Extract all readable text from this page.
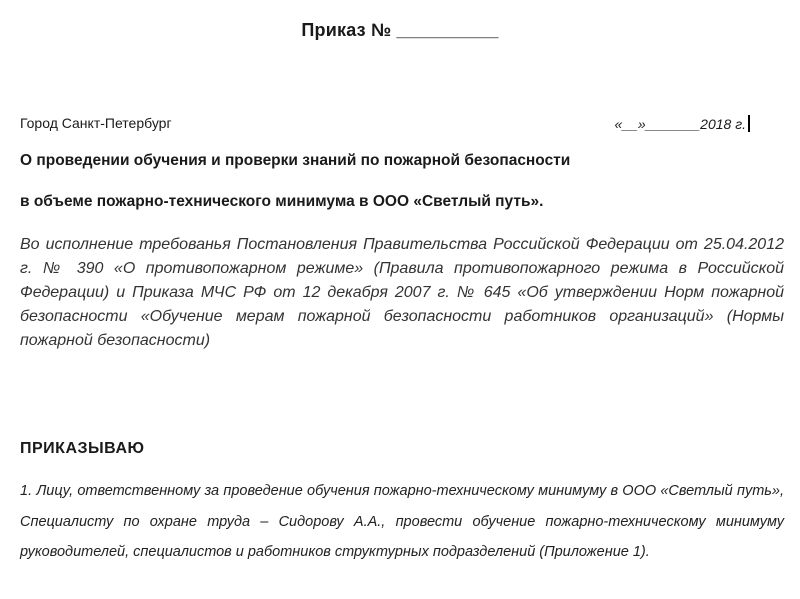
Приказ № __________
Город Санкт-Петербург	«__»_______2018 г.
О проведении обучения и проверки знаний по пожарной безопасности
в объеме пожарно-технического минимума в ООО «Светлый путь».
Во исполнение требованья Постановления Правительства Российской Федерации от 25.04.2012 г. № 390 «О противопожарном режиме» (Правила противопожарного режима в Российской Федерации) и Приказа МЧС РФ от 12 декабря 2007 г. № 645 «Об утверждении Норм пожарной безопасности «Обучение мерам пожарной безопасности работников организаций» (Нормы пожарной безопасности)
ПРИКАЗЫВАЮ
1. Лицу, ответственному за проведение обучения пожарно-техническому минимуму в ООО «Светлый путь», Специалисту по охране труда – Сидорову А.А., провести обучение пожарно-техническому минимуму руководителей, специалистов и работников структурных подразделений (Приложение 1).
